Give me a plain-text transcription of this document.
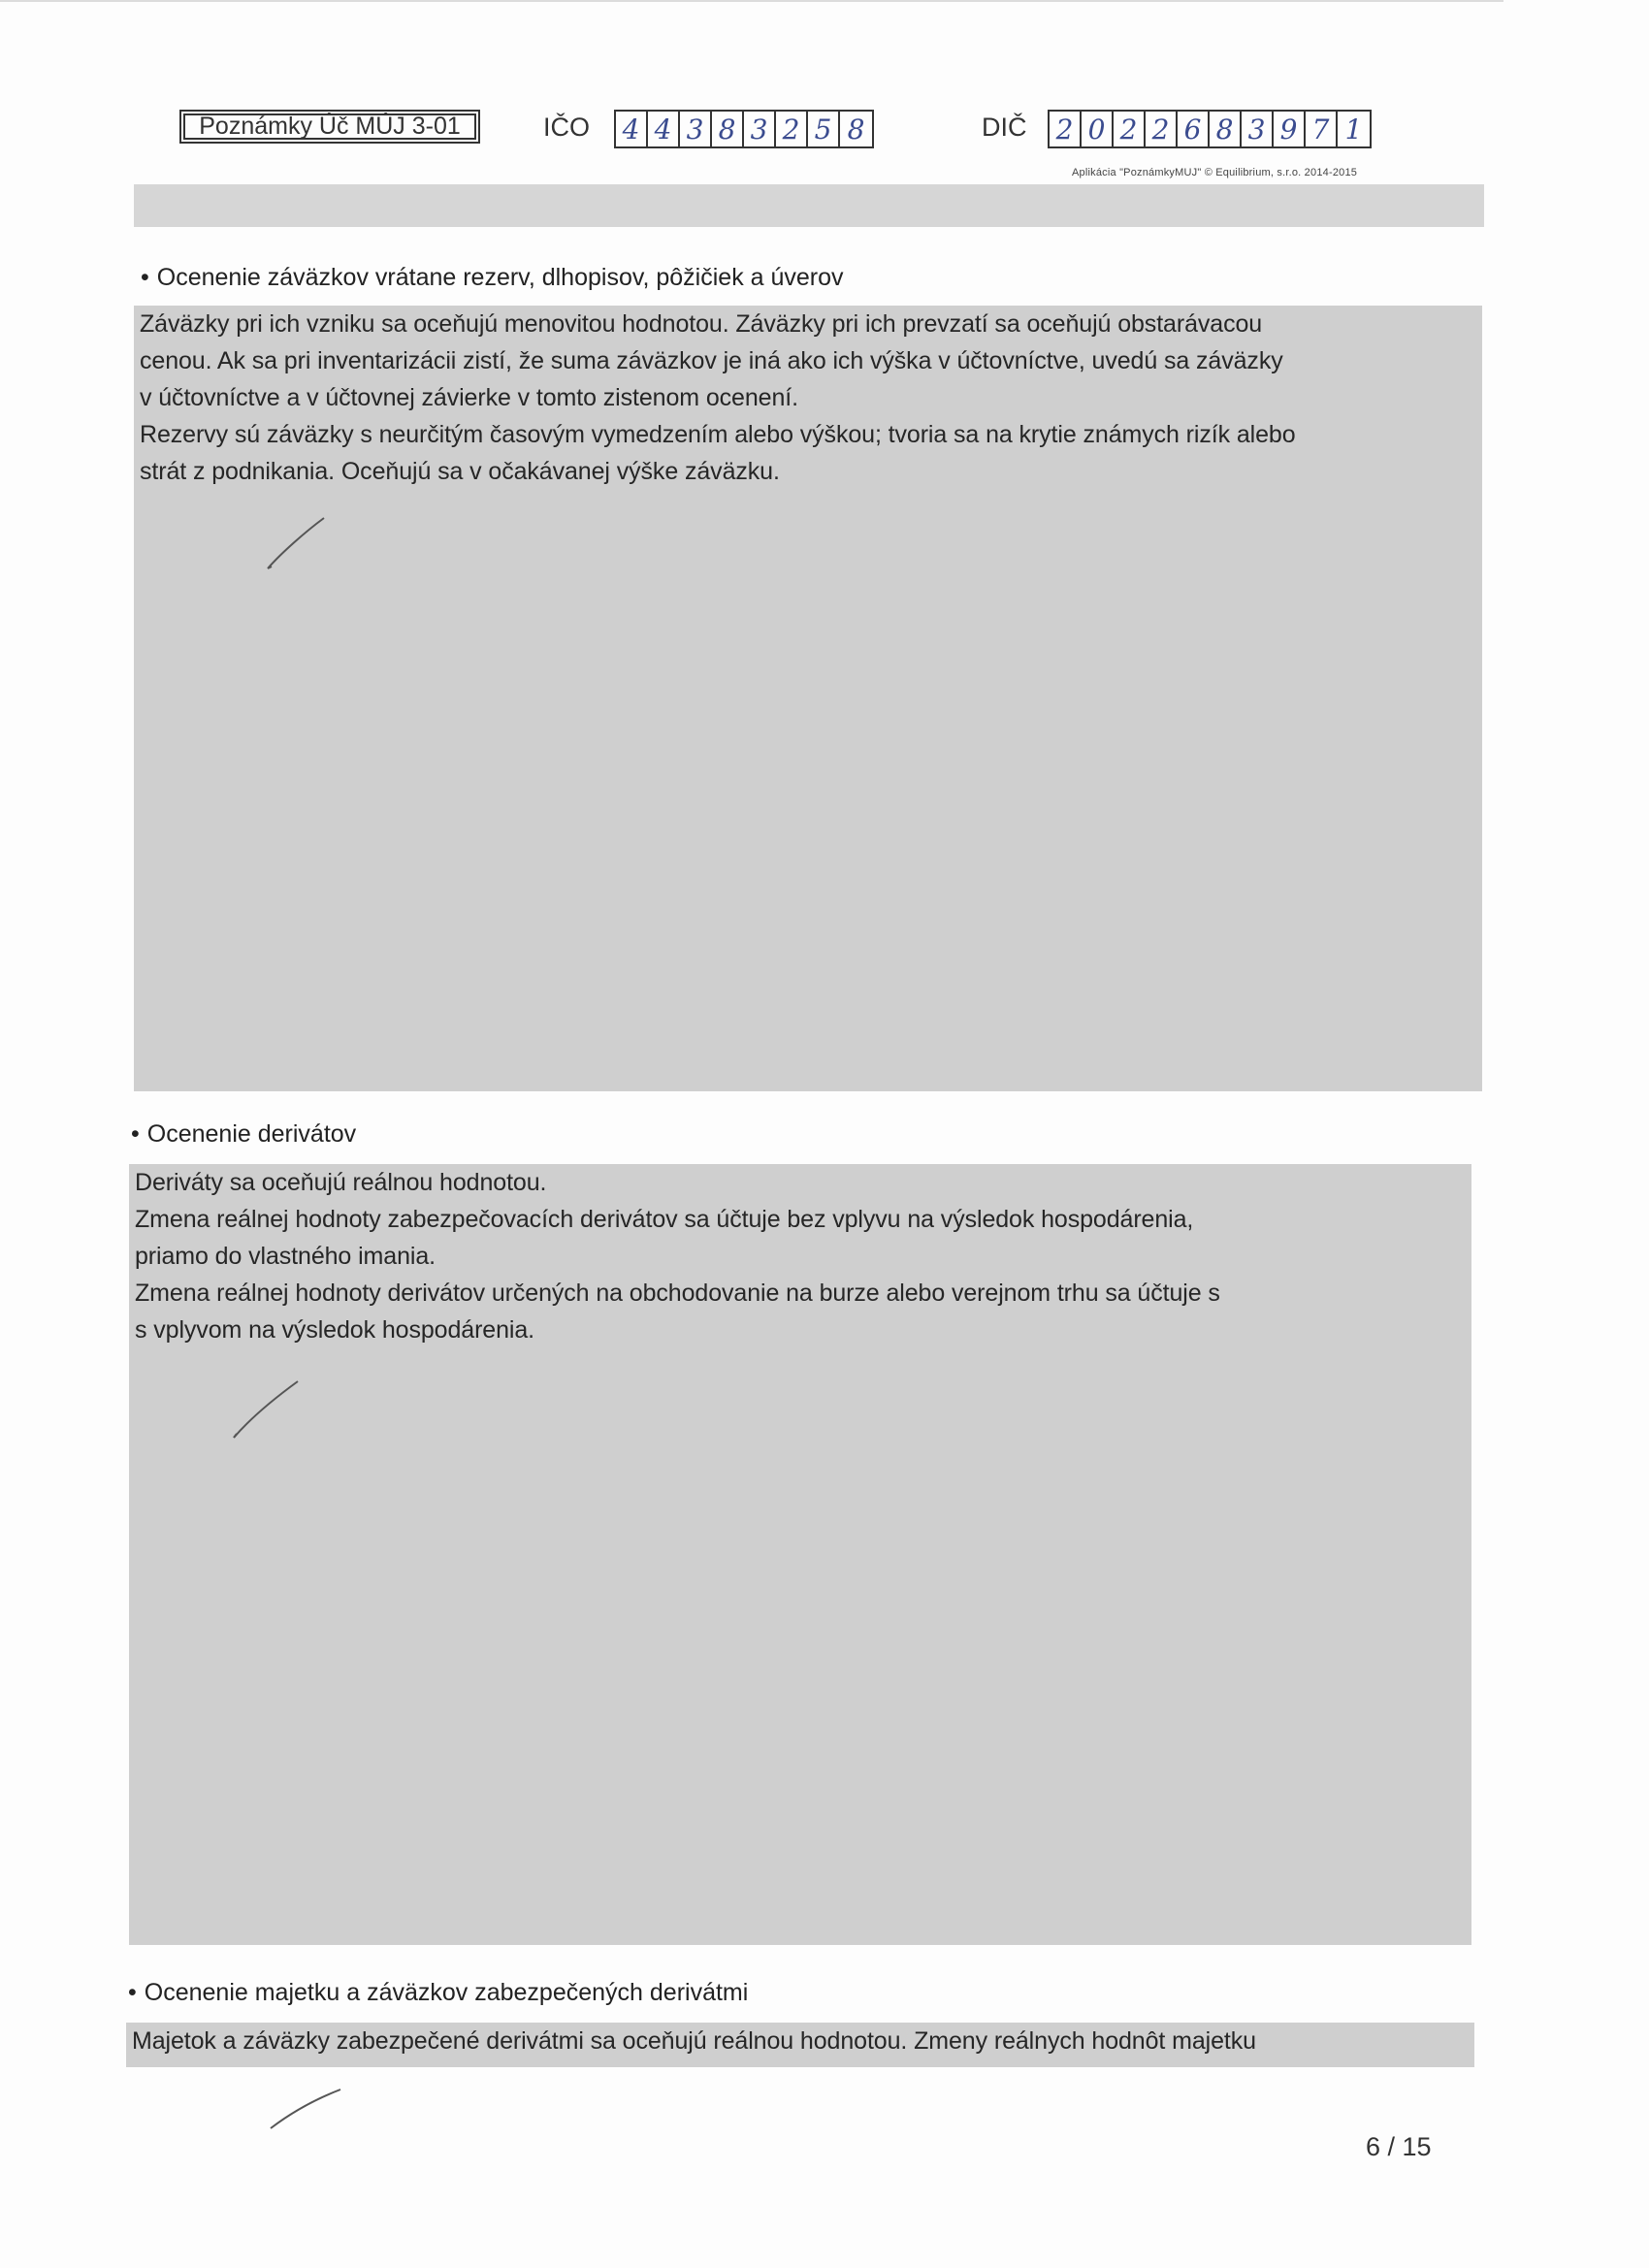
Poznámky Úč MÚJ 3-01	IČO 4 4 3 8 3 2 5 8	DIČ 2 0 2 2 6 8 3 9 7 1
Aplikácia "PoznámkyMUJ" © Equilibrium, s.r.o. 2014-2015
• Ocenenie záväzkov vrátane rezerv, dlhopisov, pôžičiek a úverov
Záväzky pri ich vzniku sa oceňujú menovitou hodnotou. Záväzky pri ich prevzatí sa oceňujú obstarávacou
cenou. Ak sa pri inventarizácii zistí, že suma záväzkov je iná ako ich výška v účtovníctve, uvedú sa záväzky
v účtovníctve a v účtovnej závierke v tomto zistenom ocenení.
Rezervy sú záväzky s neurčitým časovým vymedzením alebo výškou; tvoria sa na krytie známych rizík alebo
strát z podnikania. Oceňujú sa v očakávanej výške záväzku.
• Ocenenie derivátov
Deriváty sa oceňujú reálnou hodnotou.
Zmena reálnej hodnoty zabezpečovacích derivátov sa účtuje bez vplyvu na výsledok hospodárenia,
priamo do vlastného imania.
Zmena reálnej hodnoty derivátov určených na obchodovanie na burze alebo verejnom trhu sa účtuje s
s vplyvom na výsledok hospodárenia.
• Ocenenie majetku a záväzkov zabezpečených derivátmi
Majetok a záväzky zabezpečené derivátmi sa oceňujú reálnou hodnotou. Zmeny reálnych hodnôt majetku
6 / 15
